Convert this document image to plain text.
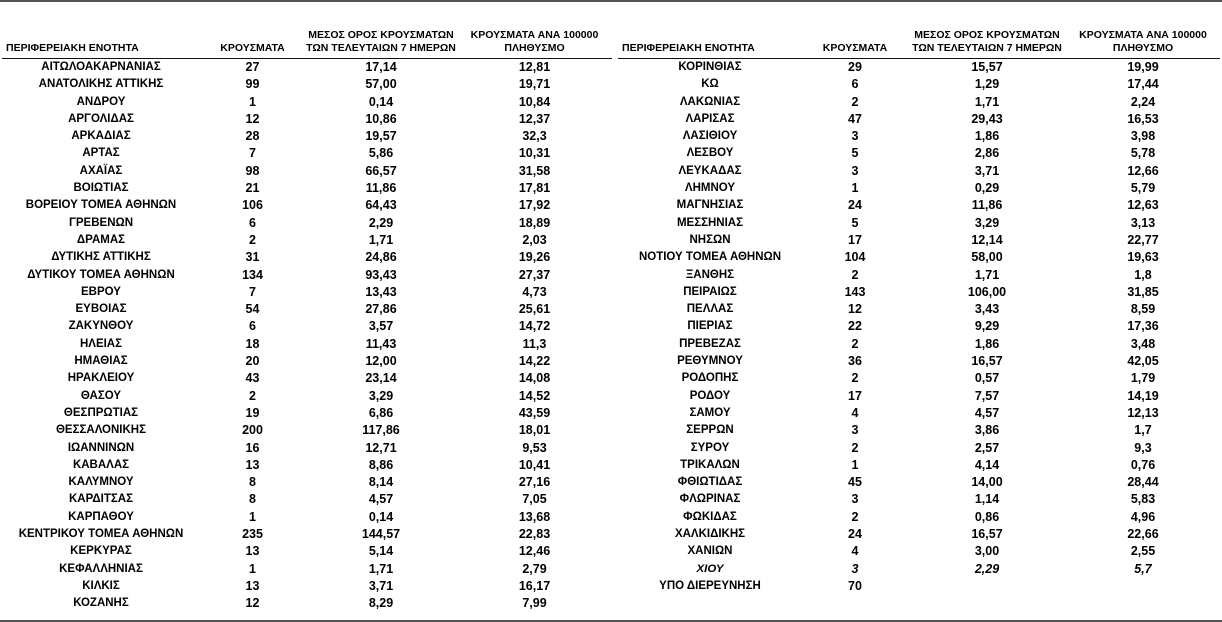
ΠΕΡΙΦΕΡΕΙΑΚΗ ΕΝΟΤΗΤΑ	ΚΡΟΥΣΜΑΤΑ	ΜΕΣΟΣ ΟΡΟΣ ΚΡΟΥΣΜΑΤΩΝ ΤΩΝ ΤΕΛΕΥΤΑΙΩΝ 7 ΗΜΕΡΩΝ	ΚΡΟΥΣΜΑΤΑ ΑΝΑ 100000 ΠΛΗΘΥΣΜΟ
ΑΙΤΩΛΟΑΚΑΡΝΑΝΙΑΣ	27	17,14	12,81
ΑΝΑΤΟΛΙΚΗΣ ΑΤΤΙΚΗΣ	99	57,00	19,71
ΑΝΔΡΟΥ	1	0,14	10,84
ΑΡΓΟΛΙΔΑΣ	12	10,86	12,37
ΑΡΚΑΔΙΑΣ	28	19,57	32,3
ΑΡΤΑΣ	7	5,86	10,31
ΑΧΑΪΑΣ	98	66,57	31,58
ΒΟΙΩΤΙΑΣ	21	11,86	17,81
ΒΟΡΕΙΟΥ ΤΟΜΕΑ ΑΘΗΝΩΝ	106	64,43	17,92
ΓΡΕΒΕΝΩΝ	6	2,29	18,89
ΔΡΑΜΑΣ	2	1,71	2,03
ΔΥΤΙΚΗΣ ΑΤΤΙΚΗΣ	31	24,86	19,26
ΔΥΤΙΚΟΥ ΤΟΜΕΑ ΑΘΗΝΩΝ	134	93,43	27,37
ΕΒΡΟΥ	7	13,43	4,73
ΕΥΒΟΙΑΣ	54	27,86	25,61
ΖΑΚΥΝΘΟΥ	6	3,57	14,72
ΗΛΕΙΑΣ	18	11,43	11,3
ΗΜΑΘΙΑΣ	20	12,00	14,22
ΗΡΑΚΛΕΙΟΥ	43	23,14	14,08
ΘΑΣΟΥ	2	3,29	14,52
ΘΕΣΠΡΩΤΙΑΣ	19	6,86	43,59
ΘΕΣΣΑΛΟΝΙΚΗΣ	200	117,86	18,01
ΙΩΑΝΝΙΝΩΝ	16	12,71	9,53
ΚΑΒΑΛΑΣ	13	8,86	10,41
ΚΑΛΥΜΝΟΥ	8	8,14	27,16
ΚΑΡΔΙΤΣΑΣ	8	4,57	7,05
ΚΑΡΠΑΘΟΥ	1	0,14	13,68
ΚΕΝΤΡΙΚΟΥ ΤΟΜΕΑ ΑΘΗΝΩΝ	235	144,57	22,83
ΚΕΡΚΥΡΑΣ	13	5,14	12,46
ΚΕΦΑΛΛΗΝΙΑΣ	1	1,71	2,79
ΚΙΛΚΙΣ	13	3,71	16,17
ΚΟΖΑΝΗΣ	12	8,29	7,99
ΠΕΡΙΦΕΡΕΙΑΚΗ ΕΝΟΤΗΤΑ	ΚΡΟΥΣΜΑΤΑ	ΜΕΣΟΣ ΟΡΟΣ ΚΡΟΥΣΜΑΤΩΝ ΤΩΝ ΤΕΛΕΥΤΑΙΩΝ 7 ΗΜΕΡΩΝ	ΚΡΟΥΣΜΑΤΑ ΑΝΑ 100000 ΠΛΗΘΥΣΜΟ
ΚΟΡΙΝΘΙΑΣ	29	15,57	19,99
ΚΩ	6	1,29	17,44
ΛΑΚΩΝΙΑΣ	2	1,71	2,24
ΛΑΡΙΣΑΣ	47	29,43	16,53
ΛΑΣΙΘΙΟΥ	3	1,86	3,98
ΛΕΣΒΟΥ	5	2,86	5,78
ΛΕΥΚΑΔΑΣ	3	3,71	12,66
ΛΗΜΝΟΥ	1	0,29	5,79
ΜΑΓΝΗΣΙΑΣ	24	11,86	12,63
ΜΕΣΣΗΝΙΑΣ	5	3,29	3,13
ΝΗΣΩΝ	17	12,14	22,77
ΝΟΤΙΟΥ ΤΟΜΕΑ ΑΘΗΝΩΝ	104	58,00	19,63
ΞΑΝΘΗΣ	2	1,71	1,8
ΠΕΙΡΑΙΩΣ	143	106,00	31,85
ΠΕΛΛΑΣ	12	3,43	8,59
ΠΙΕΡΙΑΣ	22	9,29	17,36
ΠΡΕΒΕΖΑΣ	2	1,86	3,48
ΡΕΘΥΜΝΟΥ	36	16,57	42,05
ΡΟΔΟΠΗΣ	2	0,57	1,79
ΡΟΔΟΥ	17	7,57	14,19
ΣΑΜΟΥ	4	4,57	12,13
ΣΕΡΡΩΝ	3	3,86	1,7
ΣΥΡΟΥ	2	2,57	9,3
ΤΡΙΚΑΛΩΝ	1	4,14	0,76
ΦΘΙΩΤΙΔΑΣ	45	14,00	28,44
ΦΛΩΡΙΝΑΣ	3	1,14	5,83
ΦΩΚΙΔΑΣ	2	0,86	4,96
ΧΑΛΚΙΔΙΚΗΣ	24	16,57	22,66
ΧΑΝΙΩΝ	4	3,00	2,55
ΧΙΟΥ	3	2,29	5,7
ΥΠΟ ΔΙΕΡΕΥΝΗΣΗ	70		
